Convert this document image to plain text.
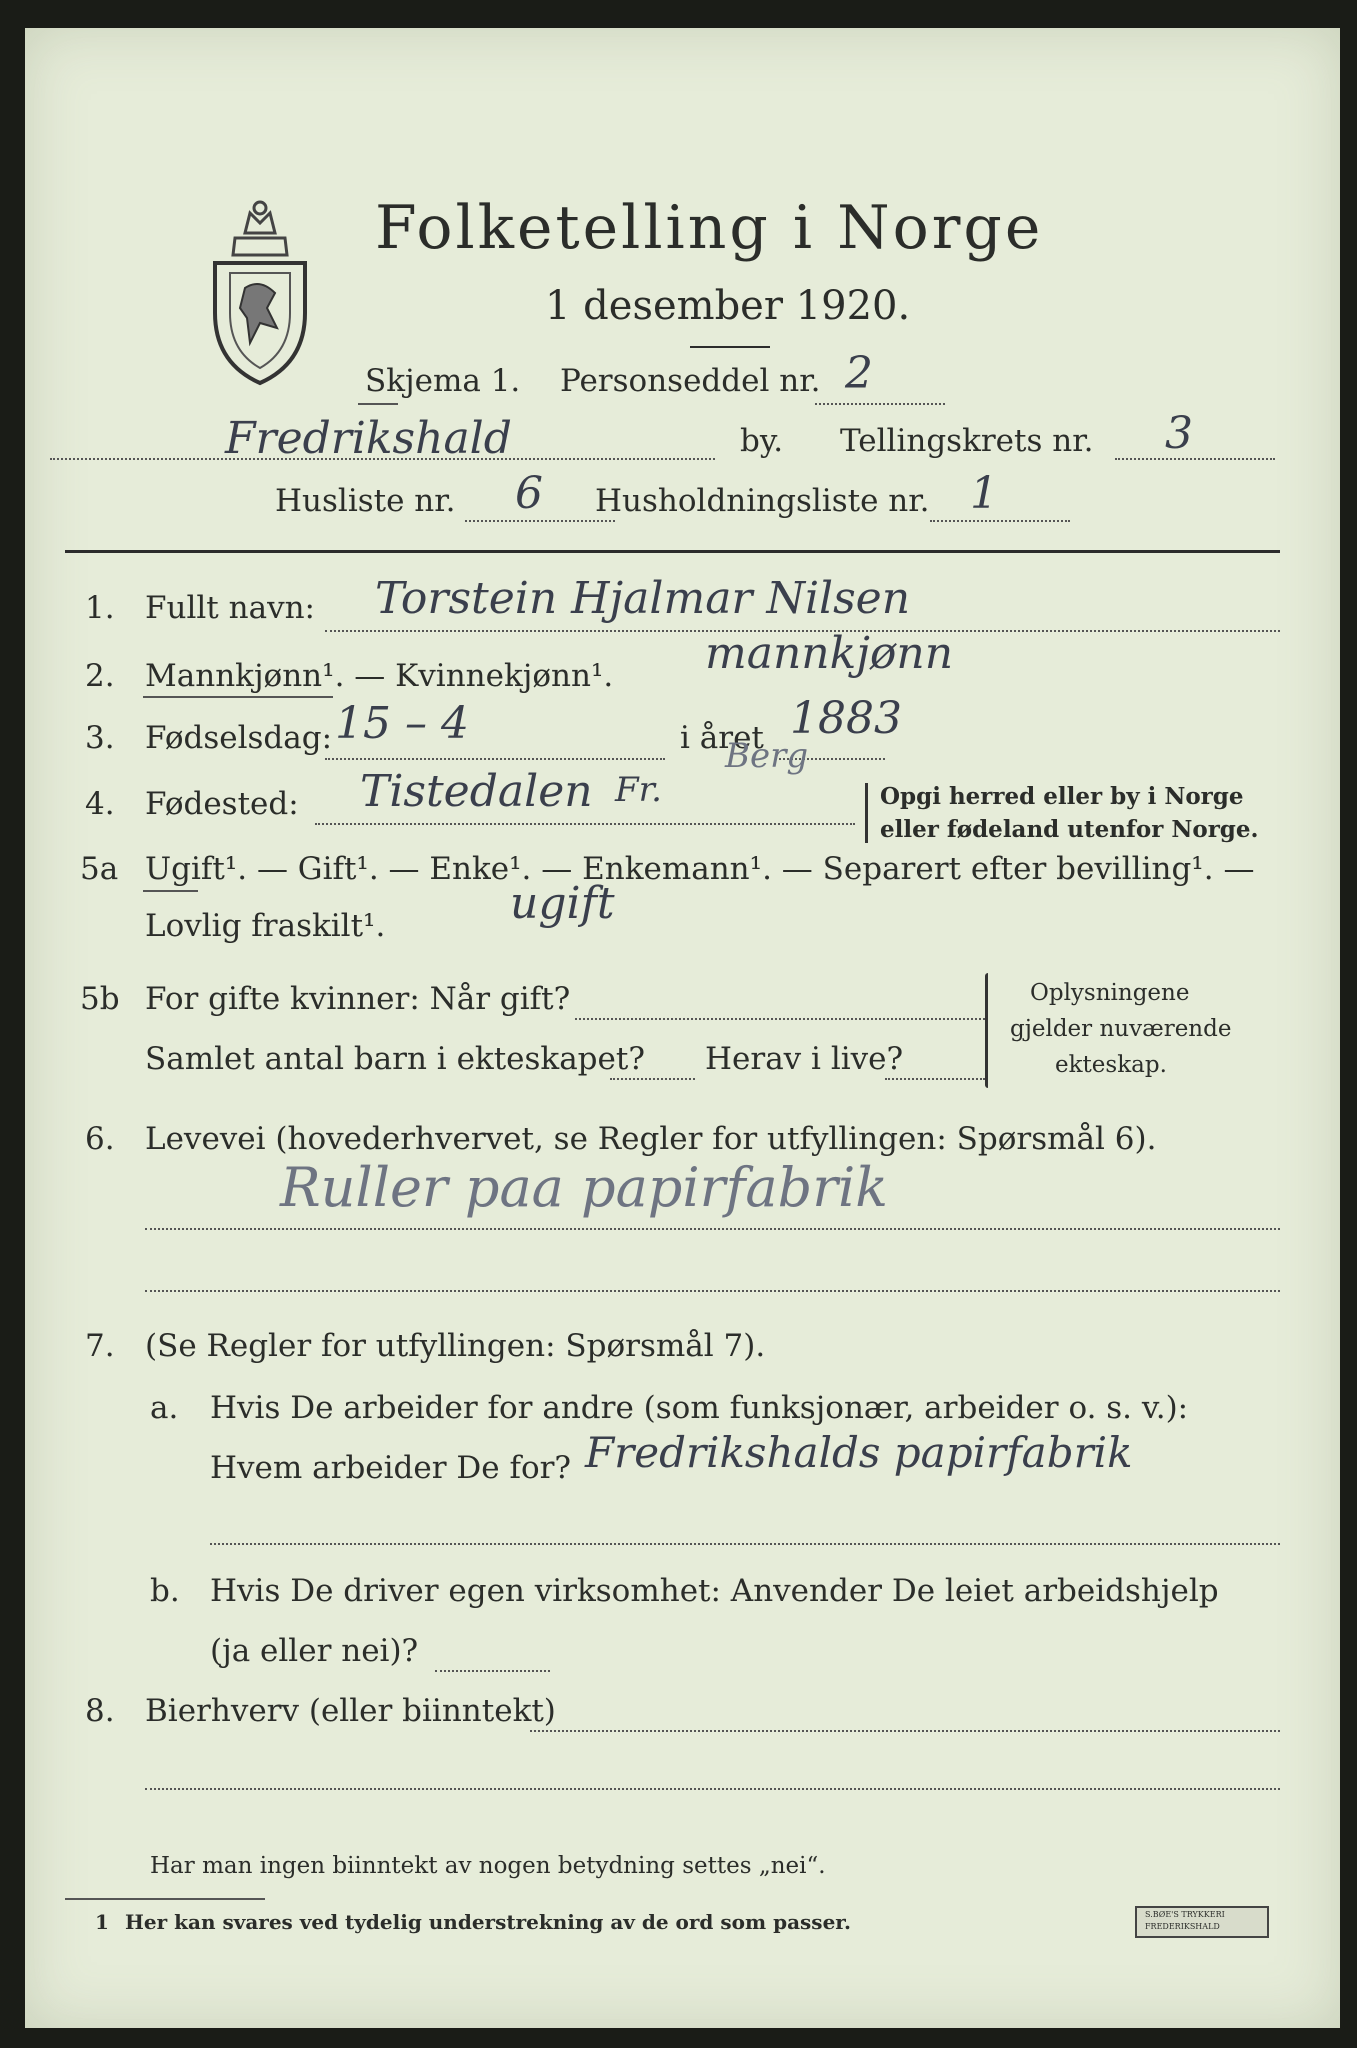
Folketelling i Norge
1 desember 1920.
Skjema 1. Personseddel nr. 2
Fredrikshald	by. Tellingskrets nr. 3
Husliste nr. 6 Husholdningsliste nr. 1
1. Fullt navn: Torstein Hjalmar Nilsen
2. Mannkjønn¹. — Kvinnekjønn¹. mannkjønn
3. Fødselsdag: 15 – 4	i året 1883
4. Fødested: Tistedalen Fr.
Berg
Opgi herred eller by i Norge
eller fødeland utenfor Norge.
5a Ugift¹. — Gift¹. — Enke¹. — Enkemann¹. — Separert efter bevilling¹. —
Lovlig fraskilt¹.	ugift
5b For gifte kvinner: Når gift?
Samlet antal barn i ekteskapet? Herav i live?
Oplysningene
gjelder nuværende
ekteskap.
6. Levevei (hovederhvervet, se Regler for utfyllingen: Spørsmål 6).
Ruller paa papirfabrik
7. (Se Regler for utfyllingen: Spørsmål 7).
a. Hvis De arbeider for andre (som funksjonær, arbeider o. s. v.):
Hvem arbeider De for? Fredrikshalds papirfabrik
b. Hvis De driver egen virksomhet: Anvender De leiet arbeidshjelp
(ja eller nei)?
8. Bierhverv (eller biinntekt)
Har man ingen biinntekt av nogen betydning settes „nei“.
1 Her kan svares ved tydelig understrekning av de ord som passer.	S.BØE'S TRYKKERI
FREDERIKSHALD
